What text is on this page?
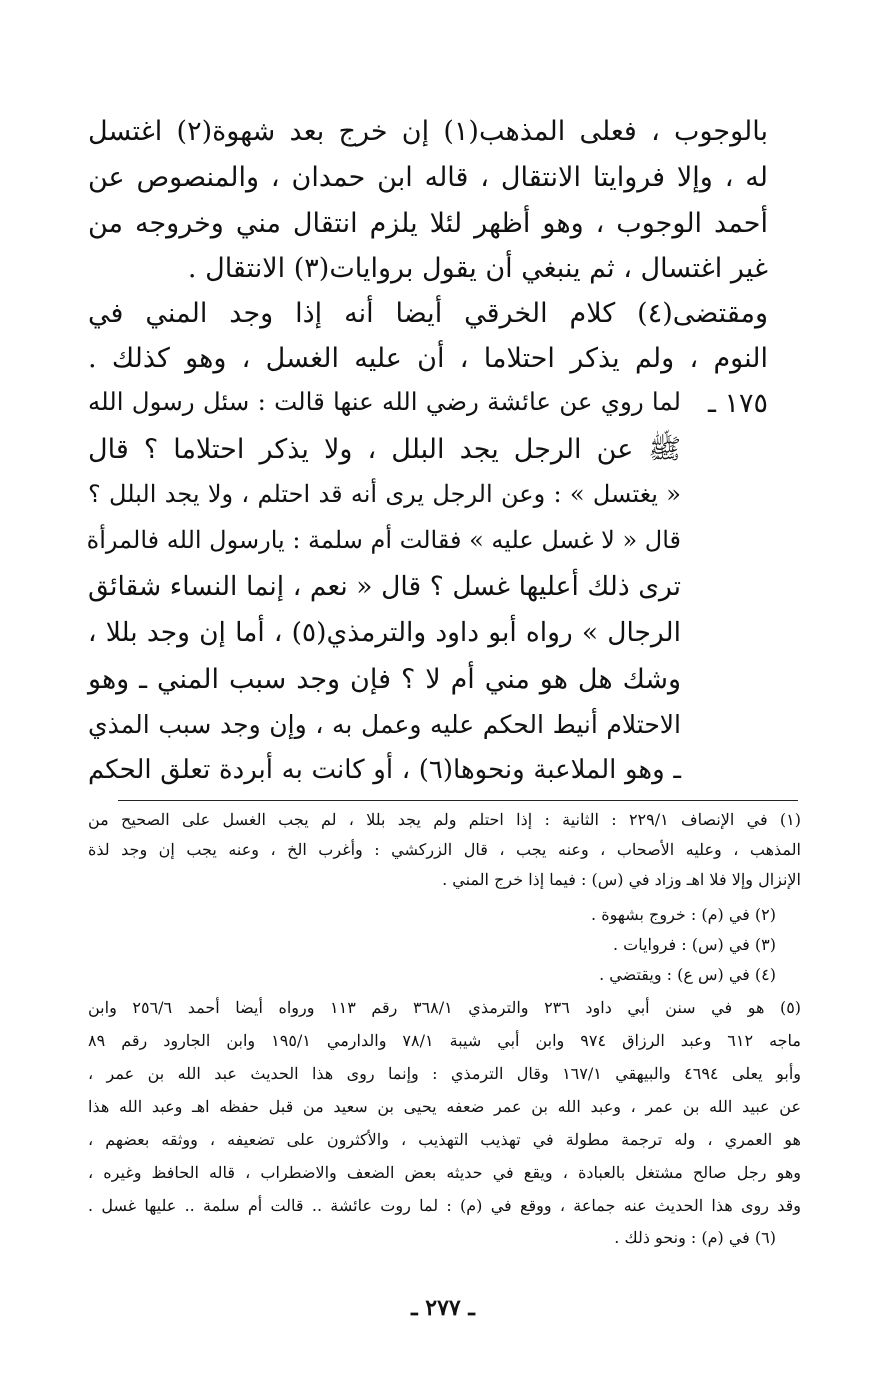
بالوجوب ، فعلى المذهب(١) إن خرج بعد شهوة(٢) اغتسل
له ، وإلا فروايتا الانتقال ، قاله ابن حمدان ، والمنصوص عن
أحمد الوجوب ، وهو أظهر لئلا يلزم انتقال مني وخروجه من
غير اغتسال ، ثم ينبغي أن يقول بروايات(٣) الانتقال .
ومقتضى(٤) كلام الخرقي أيضا أنه إذا وجد المني في
النوم ، ولم يذكر احتلاما ، أن عليه الغسل ، وهو كذلك .
١٧٥ ـ
لما روي عن عائشة رضي الله عنها قالت : سئل رسول الله
ﷺ عن الرجل يجد البلل ، ولا يذكر احتلاما ؟ قال
« يغتسل » : وعن الرجل يرى أنه قد احتلم ، ولا يجد البلل ؟
قال « لا غسل عليه » فقالت أم سلمة : يارسول الله فالمرأة
ترى ذلك أعليها غسل ؟ قال « نعم ، إنما النساء شقائق
الرجال » رواه أبو داود والترمذي(٥) ، أما إن وجد بللا ،
وشك هل هو مني أم لا ؟ فإن وجد سبب المني ـ وهو
الاحتلام أنيط الحكم عليه وعمل به ، وإن وجد سبب المذي
ـ وهو الملاعبة ونحوها(٦) ، أو كانت به أبردة تعلق الحكم
(١) في الإنصاف ٢٢٩/١ : الثانية : إذا احتلم ولم يجد بللا ، لم يجب الغسل على الصحيح من
المذهب ، وعليه الأصحاب ، وعنه يجب ، قال الزركشي : وأغرب الخ ، وعنه يجب إن وجد لذة
الإنزال وإلا فلا اهـ وزاد في (س) : فيما إذا خرج المني .
(٢) في (م) : خروج بشهوة .
(٣) في (س) : فروايات .
(٤) في (س ع) : ويقتضي .
(٥) هو في سنن أبي داود ٢٣٦ والترمذي ٣٦٨/١ رقم ١١٣ ورواه أيضا أحمد ٢٥٦/٦ وابن
ماجه ٦١٢ وعبد الرزاق ٩٧٤ وابن أبي شيبة ٧٨/١ والدارمي ١٩٥/١ وابن الجارود رقم ٨٩
وأبو يعلى ٤٦٩٤ والبيهقي ١٦٧/١ وقال الترمذي : وإنما روى هذا الحديث عبد الله بن عمر ،
عن عبيد الله بن عمر ، وعبد الله بن عمر ضعفه يحيى بن سعيد من قبل حفظه اهـ وعبد الله هذا
هو العمري ، وله ترجمة مطولة في تهذيب التهذيب ، والأكثرون على تضعيفه ، ووثقه بعضهم ،
وهو رجل صالح مشتغل بالعبادة ، ويقع في حديثه بعض الضعف والاضطراب ، قاله الحافظ وغيره ،
وقد روى هذا الحديث عنه جماعة ، ووقع في (م) : لما روت عائشة .. قالت أم سلمة .. عليها غسل .
(٦) في (م) : ونحو ذلك .
ـ ٢٧٧ ـ
